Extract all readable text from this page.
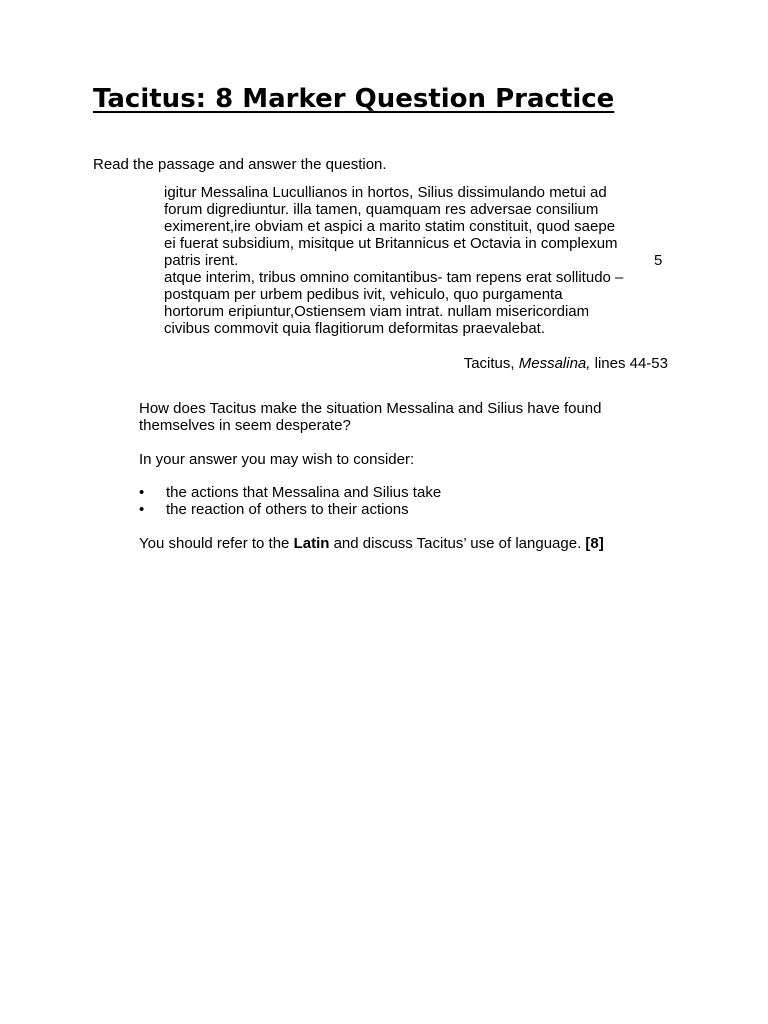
Tacitus: 8 Marker Question Practice
Read the passage and answer the question.
igitur Messalina Lucullianos in hortos, Silius dissimulando metui ad
forum digrediuntur. illa tamen, quamquam res adversae consilium
eximerent,ire obviam et aspici a marito statim constituit, quod saepe
ei fuerat subsidium, misitque ut Britannicus et Octavia in complexum
patris irent.
atque interim, tribus omnino comitantibus- tam repens erat sollitudo –
postquam per urbem pedibus ivit, vehiculo, quo purgamenta
hortorum eripiuntur,Ostiensem viam intrat. nullam misericordiam
civibus commovit quia flagitiorum deformitas praevalebat.
5
Tacitus, Messalina, lines 44-53
How does Tacitus make the situation Messalina and Silius have found themselves in seem desperate?
In your answer you may wish to consider:
• the actions that Messalina and Silius take
• the reaction of others to their actions
You should refer to the Latin and discuss Tacitus’ use of language. [8]
